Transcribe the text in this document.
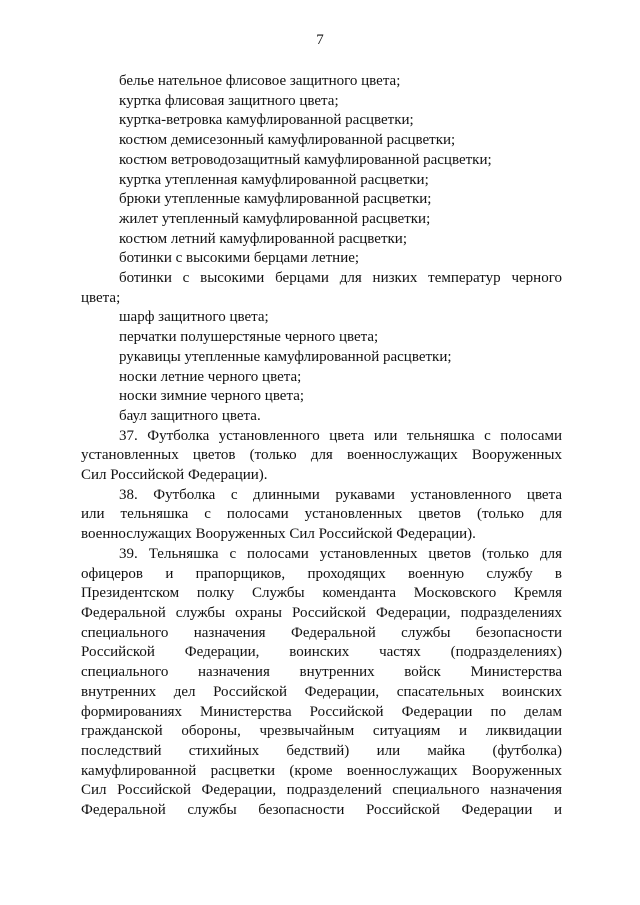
7
белье нательное флисовое защитного цвета;
куртка флисовая защитного цвета;
куртка-ветровка камуфлированной расцветки;
костюм демисезонный камуфлированной расцветки;
костюм ветроводозащитный камуфлированной расцветки;
куртка утепленная камуфлированной расцветки;
брюки утепленные камуфлированной расцветки;
жилет утепленный камуфлированной расцветки;
костюм летний камуфлированной расцветки;
ботинки с высокими берцами летние;
ботинки с высокими берцами для низких температур черного
цвета;
шарф защитного цвета;
перчатки полушерстяные черного цвета;
рукавицы утепленные камуфлированной расцветки;
носки летние черного цвета;
носки зимние черного цвета;
баул защитного цвета.
37. Футболка установленного цвета или тельняшка с полосами
установленных цветов (только для военнослужащих Вооруженных
Сил Российской Федерации).
38. Футболка с длинными рукавами установленного цвета
или тельняшка с полосами установленных цветов (только для
военнослужащих Вооруженных Сил Российской Федерации).
39. Тельняшка с полосами установленных цветов (только для
офицеров и прапорщиков, проходящих военную службу в
Президентском полку Службы коменданта Московского Кремля
Федеральной службы охраны Российской Федерации, подразделениях
специального назначения Федеральной службы безопасности
Российской Федерации, воинских частях (подразделениях)
специального назначения внутренних войск Министерства
внутренних дел Российской Федерации, спасательных воинских
формированиях Министерства Российской Федерации по делам
гражданской обороны, чрезвычайным ситуациям и ликвидации
последствий стихийных бедствий) или майка (футболка)
камуфлированной расцветки (кроме военнослужащих Вооруженных
Сил Российской Федерации, подразделений специального назначения
Федеральной службы безопасности Российской Федерации и
